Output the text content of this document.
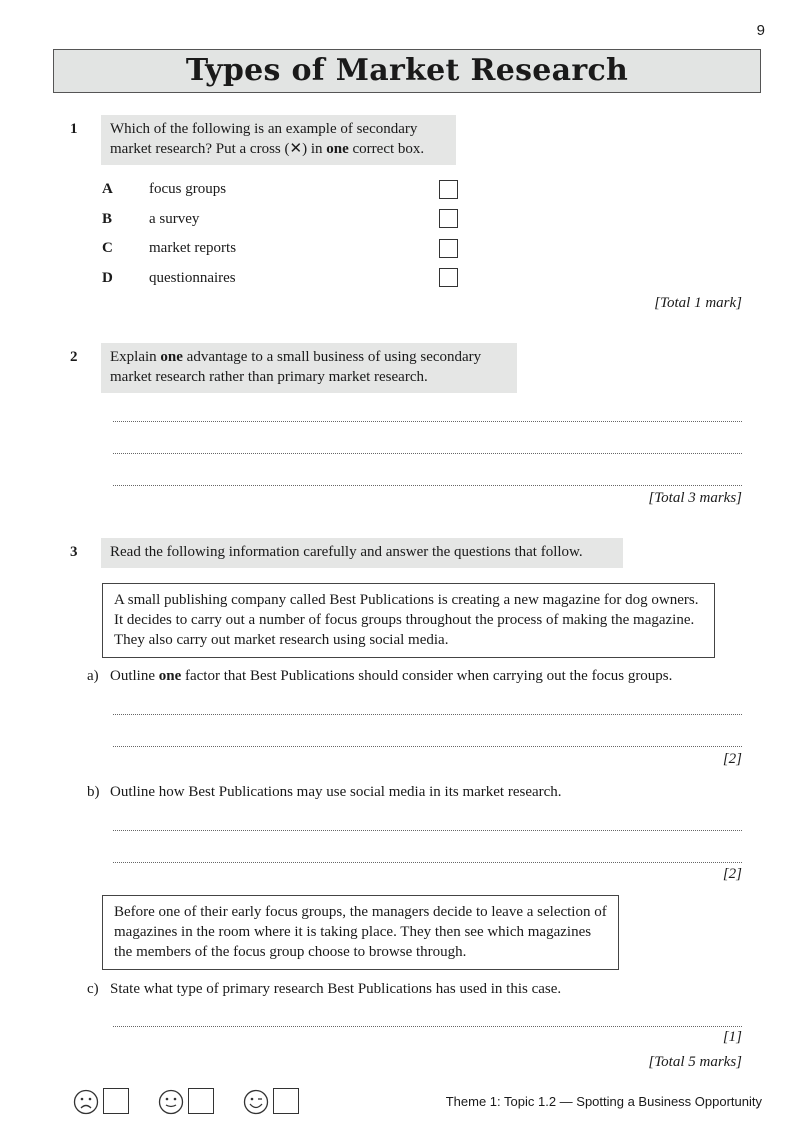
9
Types of Market Research
1 Which of the following is an example of secondary
market research? Put a cross (✕) in one correct box.
A focus groups
B a survey
C market reports
D questionnaires
[Total 1 mark]
2 Explain one advantage to a small business of using secondary
market research rather than primary market research.
[Total 3 marks]
3	Read the following information carefully and answer the questions that follow.
A small publishing company called Best Publications is creating a new magazine for dog owners. It decides to carry out a number of focus groups throughout the process of making the magazine. They also carry out market research using social media.
a) Outline one factor that Best Publications should consider when carrying out the focus groups.
[2]
b) Outline how Best Publications may use social media in its market research.
[2]
Before one of their early focus groups, the managers decide to leave a selection of magazines in the room where it is taking place. They then see which magazines the members of the focus group choose to browse through.
c) State what type of primary research Best Publications has used in this case.
[1]
[Total 5 marks]
Theme 1: Topic 1.2 — Spotting a Business Opportunity
